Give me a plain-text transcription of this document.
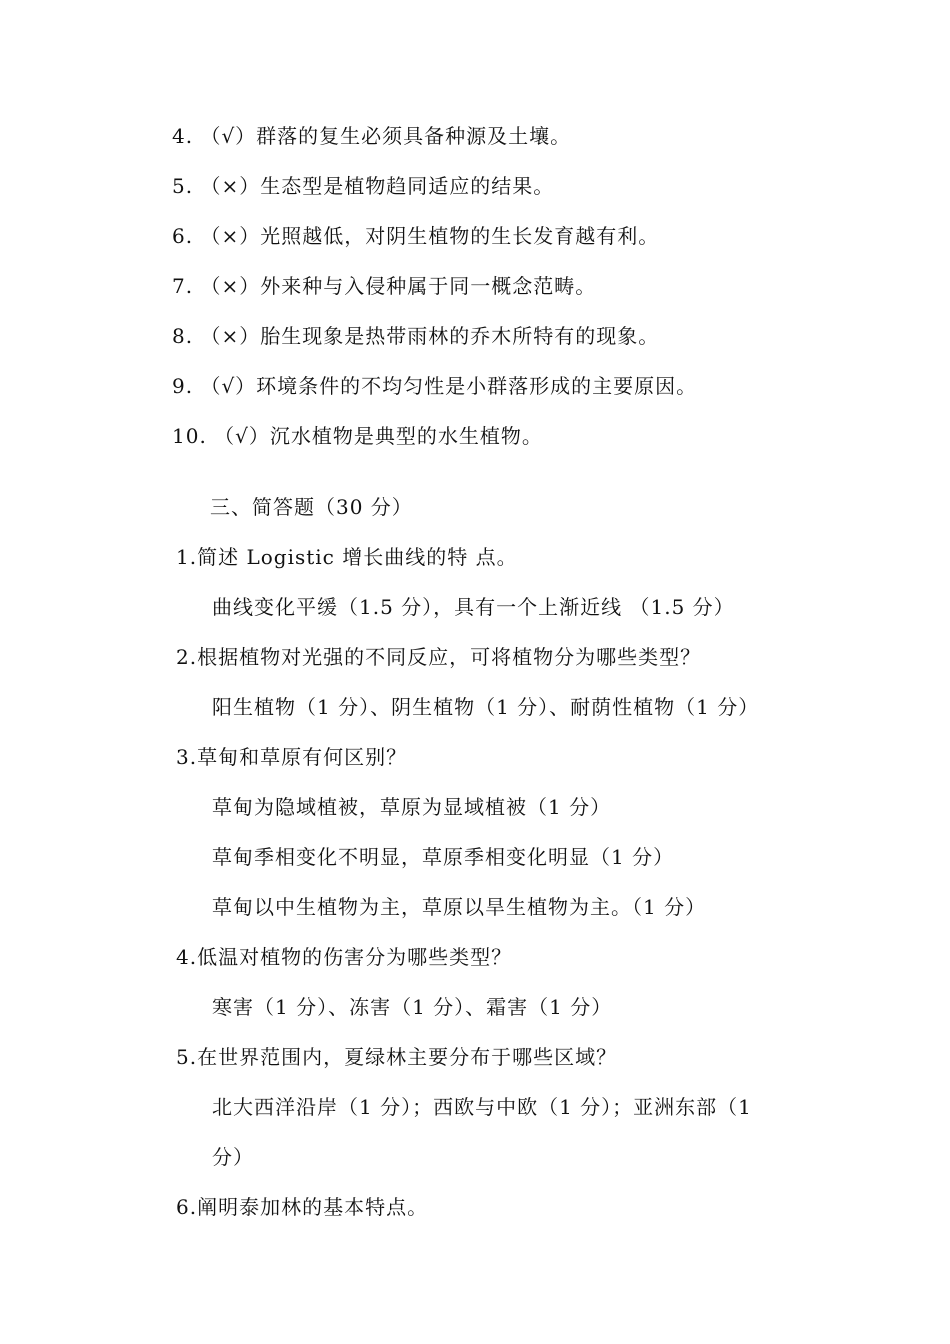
4. （√）群落的复生必须具备种源及土壤。
5. （×）生态型是植物趋同适应的结果。
6. （×）光照越低，对阴生植物的生长发育越有利。
7. （×）外来种与入侵种属于同一概念范畴。
8. （×）胎生现象是热带雨林的乔木所特有的现象。
9. （√）环境条件的不均匀性是小群落形成的主要原因。
10. （√）沉水植物是典型的水生植物。
三、简答题（30 分）
1.简述 Logistic 增长曲线的特 点。
曲线变化平缓（1.5 分），具有一个上渐近线 （1.5 分）
2.根据植物对光强的不同反应，可将植物分为哪些类型？
阳生植物（1 分）、阴生植物（1 分）、耐荫性植物（1 分）
3.草甸和草原有何区别？
草甸为隐域植被，草原为显域植被（1 分）
草甸季相变化不明显，草原季相变化明显（1 分）
草甸以中生植物为主，草原以旱生植物为主。（1 分）
4.低温对植物的伤害分为哪些类型？
寒害（1 分）、冻害（1 分）、霜害（1 分）
5.在世界范围内，夏绿林主要分布于哪些区域？
北大西洋沿岸（1 分）；西欧与中欧（1 分）；亚洲东部（1
分）
6.阐明泰加林的基本特点。
